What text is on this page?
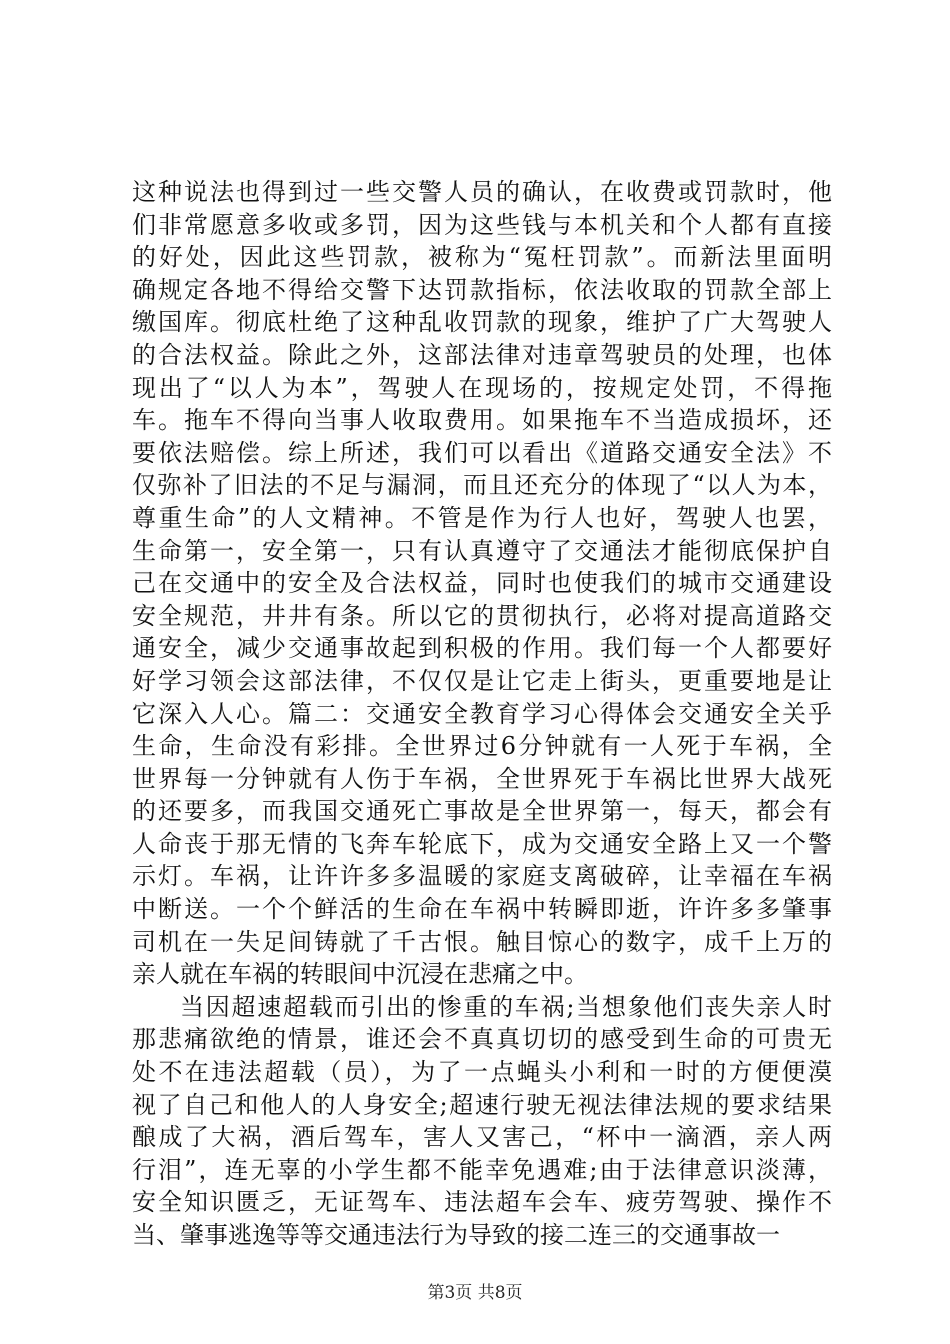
这种说法也得到过一些交警人员的确认，在收费或罚款时，他
们非常愿意多收或多罚，因为这些钱与本机关和个人都有直接
的好处，因此这些罚款，被称为“冤枉罚款”。而新法里面明
确规定各地不得给交警下达罚款指标，依法收取的罚款全部上
缴国库。彻底杜绝了这种乱收罚款的现象，维护了广大驾驶人
的合法权益。除此之外，这部法律对违章驾驶员的处理，也体
现出了“以人为本”，驾驶人在现场的，按规定处罚，不得拖
车。拖车不得向当事人收取费用。如果拖车不当造成损坏，还
要依法赔偿。综上所述，我们可以看出《道路交通安全法》不
仅弥补了旧法的不足与漏洞，而且还充分的体现了“以人为本，
尊重生命”的人文精神。不管是作为行人也好，驾驶人也罢，
生命第一，安全第一，只有认真遵守了交通法才能彻底保护自
己在交通中的安全及合法权益，同时也使我们的城市交通建设
安全规范，井井有条。所以它的贯彻执行，必将对提高道路交
通安全，减少交通事故起到积极的作用。我们每一个人都要好
好学习领会这部法律，不仅仅是让它走上街头，更重要地是让
它深入人心。篇二：交通安全教育学习心得体会交通安全关乎
生命，生命没有彩排。全世界过6分钟就有一人死于车祸，全
世界每一分钟就有人伤于车祸，全世界死于车祸比世界大战死
的还要多，而我国交通死亡事故是全世界第一，每天，都会有
人命丧于那无情的飞奔车轮底下，成为交通安全路上又一个警
示灯。车祸，让许许多多温暖的家庭支离破碎，让幸福在车祸
中断送。一个个鲜活的生命在车祸中转瞬即逝，许许多多肇事
司机在一失足间铸就了千古恨。触目惊心的数字，成千上万的
亲人就在车祸的转眼间中沉浸在悲痛之中。
当因超速超载而引出的惨重的车祸;当想象他们丧失亲人时
那悲痛欲绝的情景，谁还会不真真切切的感受到生命的可贵无
处不在违法超载（员），为了一点蝇头小利和一时的方便便漠
视了自己和他人的人身安全;超速行驶无视法律法规的要求结果
酿成了大祸，酒后驾车，害人又害己，“杯中一滴酒，亲人两
行泪”，连无辜的小学生都不能幸免遇难;由于法律意识淡薄，
安全知识匮乏，无证驾车、违法超车会车、疲劳驾驶、操作不
当、肇事逃逸等等交通违法行为导致的接二连三的交通事故一
第3页 共8页
